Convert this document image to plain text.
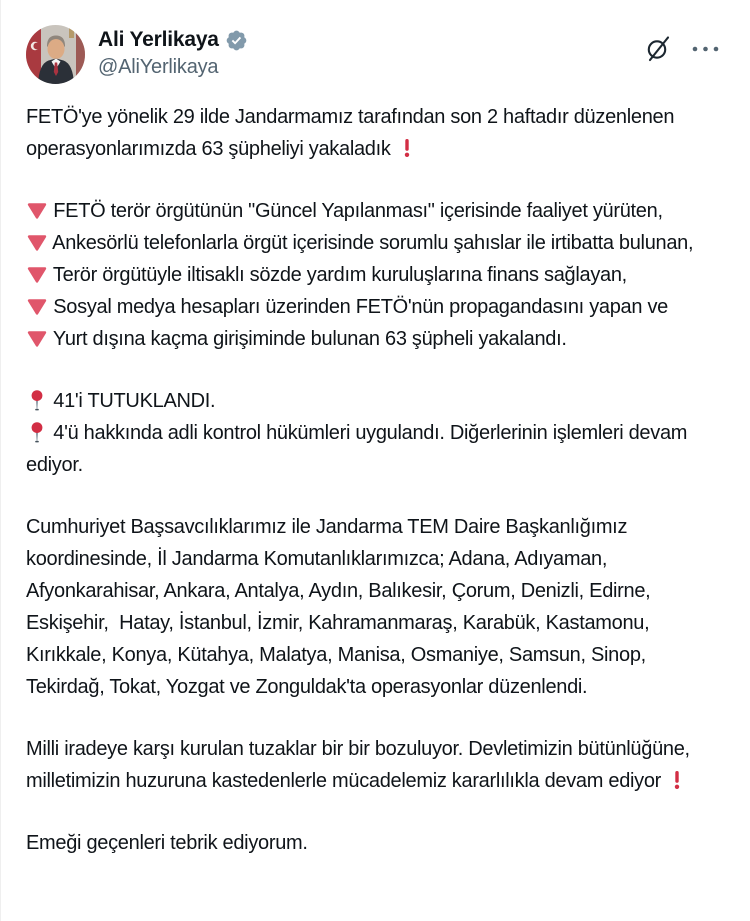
Ali Yerlikaya
@AliYerlikaya
FETÖ'ye yönelik 29 ilde Jandarmamız tarafından son 2 haftadır düzenlenen operasyonlarımızda 63 şüpheliyi yakaladık
FETÖ terör örgütünün "Güncel Yapılanması" içerisinde faaliyet yürüten,
Ankesörlü telefonlarla örgüt içerisinde sorumlu şahıslar ile irtibatta bulunan,
Terör örgütüyle iltisaklı sözde yardım kuruluşlarına finans sağlayan,
Sosyal medya hesapları üzerinden FETÖ'nün propagandasını yapan ve
Yurt dışına kaçma girişiminde bulunan 63 şüpheli yakalandı.
41'i TUTUKLANDI.
4'ü hakkında adli kontrol hükümleri uygulandı. Diğerlerinin işlemleri devam ediyor.
Cumhuriyet Başsavcılıklarımız ile Jandarma TEM Daire Başkanlığımız koordinesinde, İl Jandarma Komutanlıklarımızca; Adana, Adıyaman, Afyonkarahisar, Ankara, Antalya, Aydın, Balıkesir, Çorum, Denizli, Edirne, Eskişehir,  Hatay, İstanbul, İzmir, Kahramanmaraş, Karabük, Kastamonu, Kırıkkale, Konya, Kütahya, Malatya, Manisa, Osmaniye, Samsun, Sinop, Tekirdağ, Tokat, Yozgat ve Zonguldak'ta operasyonlar düzenlendi.
Milli iradeye karşı kurulan tuzaklar bir bir bozuluyor. Devletimizin bütünlüğüne, milletimizin huzuruna kastedenlerle mücadelemiz kararlılıkla devam ediyor
Emeği geçenleri tebrik ediyorum.
